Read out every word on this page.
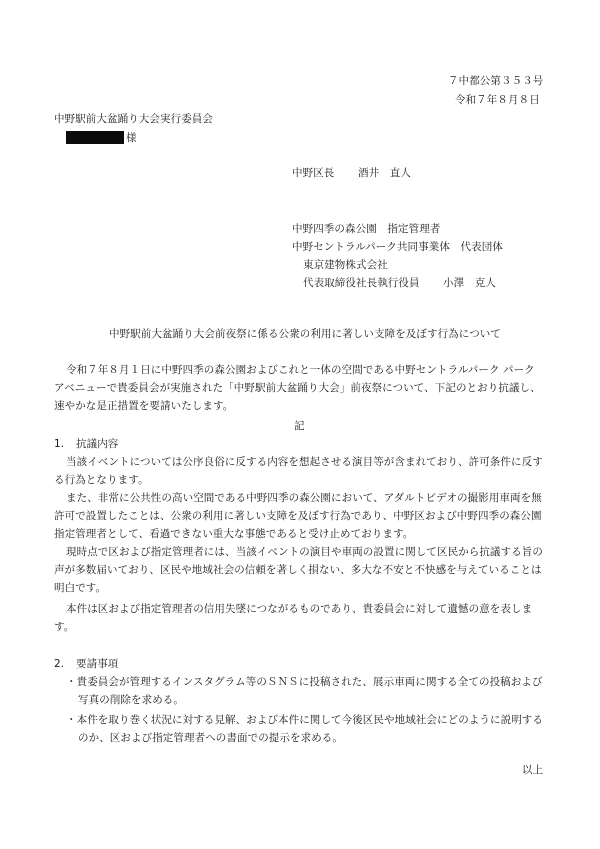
７中都公第３５３号
令和７年８月８日
中野駅前大盆踊り大会実行委員会
様
中野区長 酒井　直人
中野四季の森公園　指定管理者
中野セントラルパーク共同事業体　代表団体
東京建物株式会社
代表取締役社長執行役員 小澤　克人
中野駅前大盆踊り大会前夜祭に係る公衆の利用に著しい支障を及ぼす行為について
令和７年８月１日に中野四季の森公園およびこれと一体の空間である中野セントラルパーク パーク
アベニューで貴委員会が実施された「中野駅前大盆踊り大会」前夜祭について、下記のとおり抗議し、
速やかな是正措置を要請いたします。
記
1. 抗議内容
当該イベントについては公序良俗に反する内容を想起させる演目等が含まれており、許可条件に反す
る行為となります。
また、非常に公共性の高い空間である中野四季の森公園において、アダルトビデオの撮影用車両を無
許可で設置したことは、公衆の利用に著しい支障を及ぼす行為であり、中野区および中野四季の森公園
指定管理者として、看過できない重大な事態であると受け止めております。
現時点で区および指定管理者には、当該イベントの演目や車両の設置に関して区民から抗議する旨の
声が多数届いており、区民や地域社会の信頼を著しく損ない、多大な不安と不快感を与えていることは
明白です。
本件は区および指定管理者の信用失墜につながるものであり、貴委員会に対して遺憾の意を表しま
す。
2. 要請事項
・貴委員会が管理するインスタグラム等のＳＮＳに投稿された、展示車両に関する全ての投稿および
写真の削除を求める。
・本件を取り巻く状況に対する見解、および本件に関して今後区民や地域社会にどのように説明する
のか、区および指定管理者への書面での提示を求める。
以上
